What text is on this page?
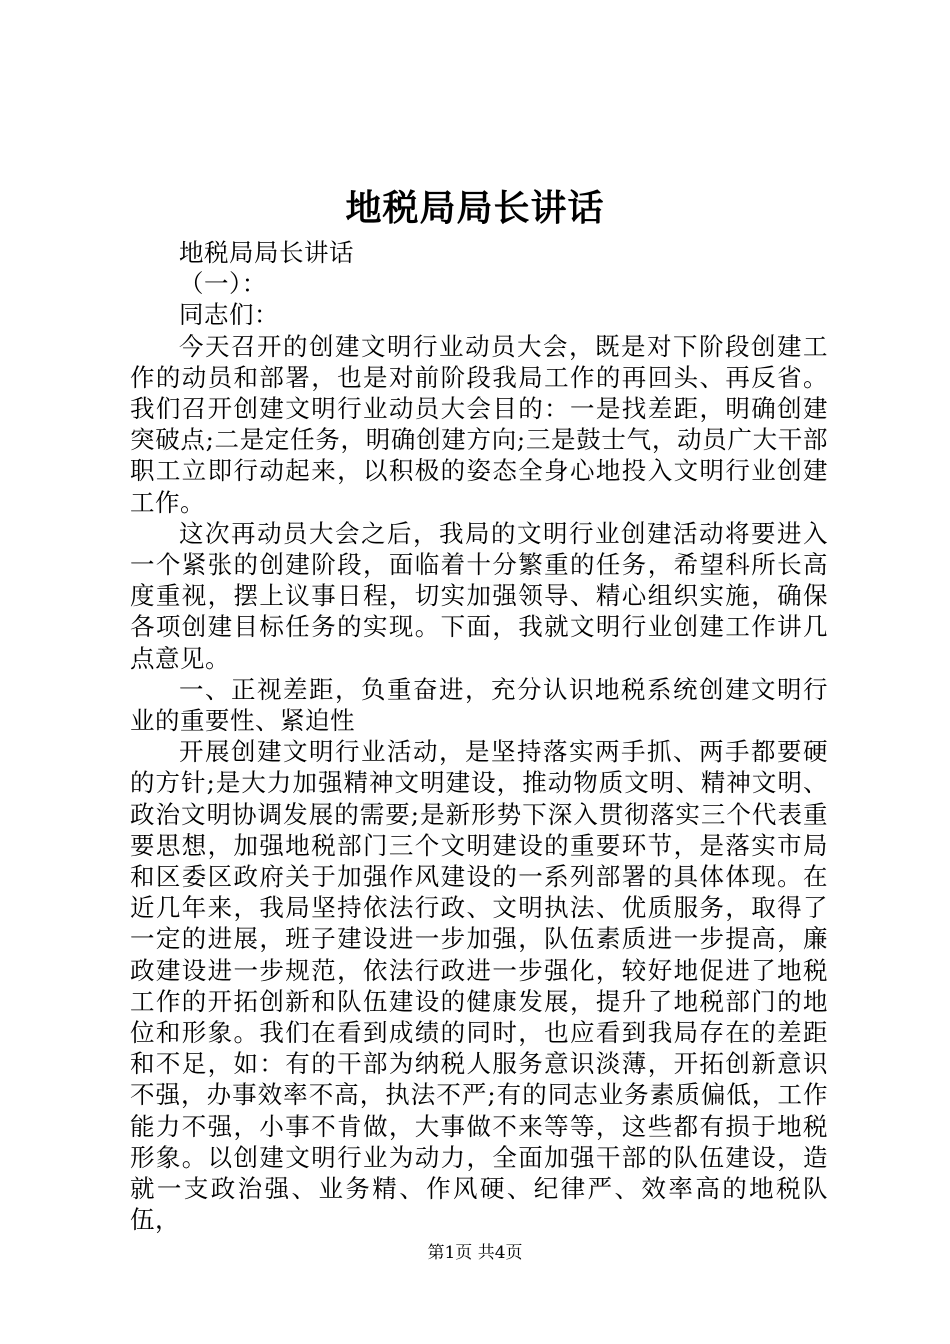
地税局局长讲话

地税局局长讲话

（一）：

同志们：

今天召开的创建文明行业动员大会，既是对下阶段创建工作的动员和部署，也是对前阶段我局工作的再回头、再反省。我们召开创建文明行业动员大会目的：一是找差距，明确创建突破点;二是定任务，明确创建方向;三是鼓士气，动员广大干部职工立即行动起来，以积极的姿态全身心地投入文明行业创建工作。

这次再动员大会之后，我局的文明行业创建活动将要进入一个紧张的创建阶段，面临着十分繁重的任务，希望科所长高度重视，摆上议事日程，切实加强领导、精心组织实施，确保各项创建目标任务的实现。下面，我就文明行业创建工作讲几点意见。

一、正视差距，负重奋进，充分认识地税系统创建文明行业的重要性、紧迫性

开展创建文明行业活动，是坚持落实两手抓、两手都要硬的方针;是大力加强精神文明建设，推动物质文明、精神文明、政治文明协调发展的需要;是新形势下深入贯彻落实三个代表重要思想，加强地税部门三个文明建设的重要环节，是落实市局和区委区政府关于加强作风建设的一系列部署的具体体现。在近几年来，我局坚持依法行政、文明执法、优质服务，取得了一定的进展，班子建设进一步加强，队伍素质进一步提高，廉政建设进一步规范，依法行政进一步强化，较好地促进了地税工作的开拓创新和队伍建设的健康发展，提升了地税部门的地位和形象。我们在看到成绩的同时，也应看到我局存在的差距和不足，如：有的干部为纳税人服务意识淡薄，开拓创新意识不强，办事效率不高，执法不严;有的同志业务素质偏低，工作能力不强，小事不肯做，大事做不来等等，这些都有损于地税形象。以创建文明行业为动力，全面加强干部的队伍建设，造就一支政治强、业务精、作风硬、纪律严、效率高的地税队伍，

第1页 共4页
